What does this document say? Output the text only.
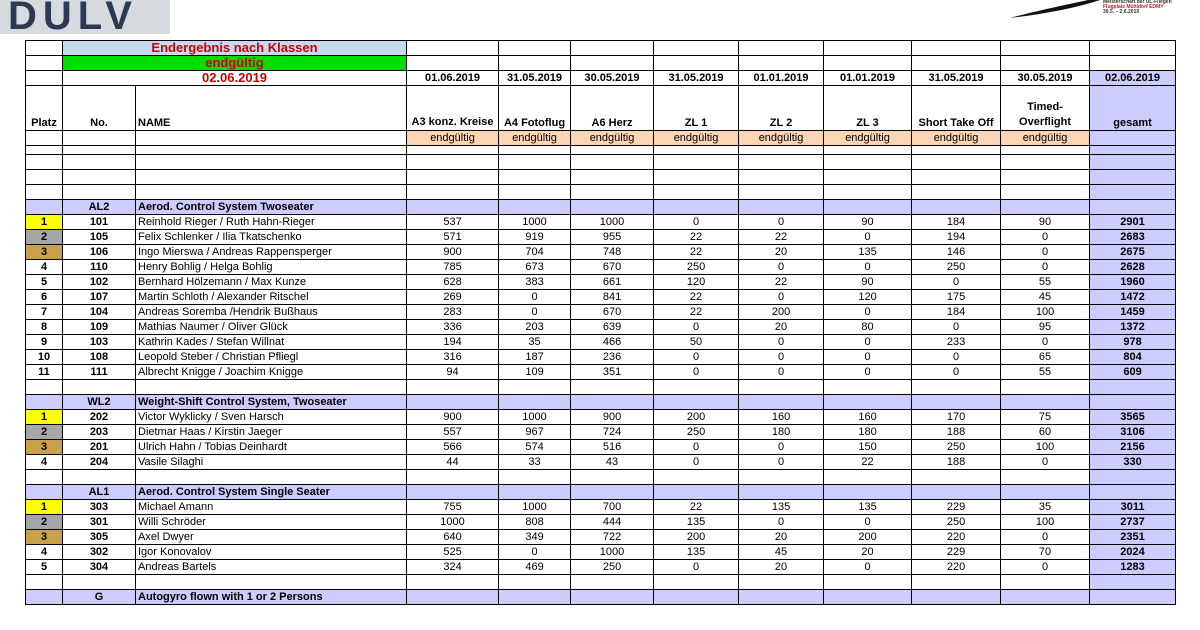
DULV	Meisterschaft der UL-Fliegen
Flugplatz Mühldorf EDMY
30.5. – 2.6.2019
	Endergebnis nach Klassen										
	endgültig										
	02.06.2019		01.06.2019	31.05.2019	30.05.2019	31.05.2019	01.01.2019	01.01.2019	31.05.2019	30.05.2019	02.06.2019
Platz	No.	NAME	A3 konz. Kreise	A4 Fotoflug	A6 Herz	ZL 1	ZL 2	ZL 3	Short Take Off	Timed-Overflight	gesamt
			endgültig	endgültig	endgültig	endgültig	endgültig	endgültig	endgültig	endgültig	

	AL2	Aerod. Control System Twoseater									
1	101	Reinhold Rieger / Ruth Hahn-Rieger	537	1000	1000	0	0	90	184	90	2901
2	105	Felix Schlenker / Ilia Tkatschenko	571	919	955	22	22	0	194	0	2683
3	106	Ingo Mierswa / Andreas Rappensperger	900	704	748	22	20	135	146	0	2675
4	110	Henry Bohlig / Helga Bohlig	785	673	670	250	0	0	250	0	2628
5	102	Bernhard Hölzemann / Max Kunze	628	383	661	120	22	90	0	55	1960
6	107	Martin Schloth / Alexander Ritschel	269	0	841	22	0	120	175	45	1472
7	104	Andreas Soremba /Hendrik Bußhaus	283	0	670	22	200	0	184	100	1459
8	109	Mathias Naumer / Oliver Glück	336	203	639	0	20	80	0	95	1372
9	103	Kathrin Kades / Stefan Willnat	194	35	466	50	0	0	233	0	978
10	108	Leopold Steber / Christian Pfliegl	316	187	236	0	0	0	0	65	804
11	111	Albrecht Knigge / Joachim Knigge	94	109	351	0	0	0	0	55	609

	WL2	Weight-Shift Control System, Twoseater									
1	202	Victor Wyklicky / Sven Harsch	900	1000	900	200	160	160	170	75	3565
2	203	Dietmar Haas / Kirstin Jaeger	557	967	724	250	180	180	188	60	3106
3	201	Ulrich Hahn / Tobias Deinhardt	566	574	516	0	0	150	250	100	2156
4	204	Vasile Silaghi	44	33	43	0	0	22	188	0	330

	AL1	Aerod. Control System Single Seater									
1	303	Michael Amann	755	1000	700	22	135	135	229	35	3011
2	301	Willi Schröder	1000	808	444	135	0	0	250	100	2737
3	305	Axel Dwyer	640	349	722	200	20	200	220	0	2351
4	302	Igor Konovalov	525	0	1000	135	45	20	229	70	2024
5	304	Andreas Bartels	324	469	250	0	20	0	220	0	1283

	G	Autogyro flown with 1 or 2 Persons									
